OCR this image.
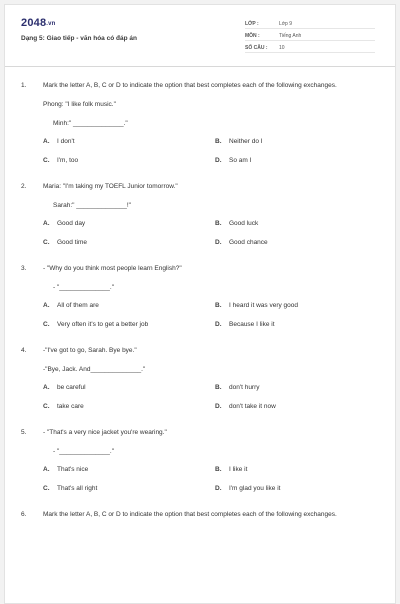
2048.vn
Dạng 5: Giao tiếp - văn hóa có đáp án
LỚP :	Lớp 9
MÔN :	Tiếng Anh
SỐ CÂU :	10
1.	Mark the letter A, B, C or D to indicate the option that best completes each of the following exchanges.
Phong: "I like folk music."
Minh:" ______________."
A.	I don't	B.	Neither do I
C.	I'm, too	D.	So am I
2.	Maria: "I'm taking my TOEFL Junior tomorrow."
Sarah:" ______________!"
A.	Good day	B.	Good luck
C.	Good time	D.	Good chance
3.	- "Why do you think most people learn English?"
- "______________."
A.	All of them are	B.	I heard it was very good
C.	Very often it's to get a better job	D.	Because I like it
4.	-"I've got to go, Sarah. Bye bye."
-"Bye, Jack. And______________."
A.	be careful	B.	don't hurry
C.	take care	D.	don't take it now
5.	- "That's a very nice jacket you're wearing."
- "______________."
A.	That's nice	B.	I like it
C.	That's all right	D.	I'm glad you like it
6.	Mark the letter A, B, C or D to indicate the option that best completes each of the following exchanges.
